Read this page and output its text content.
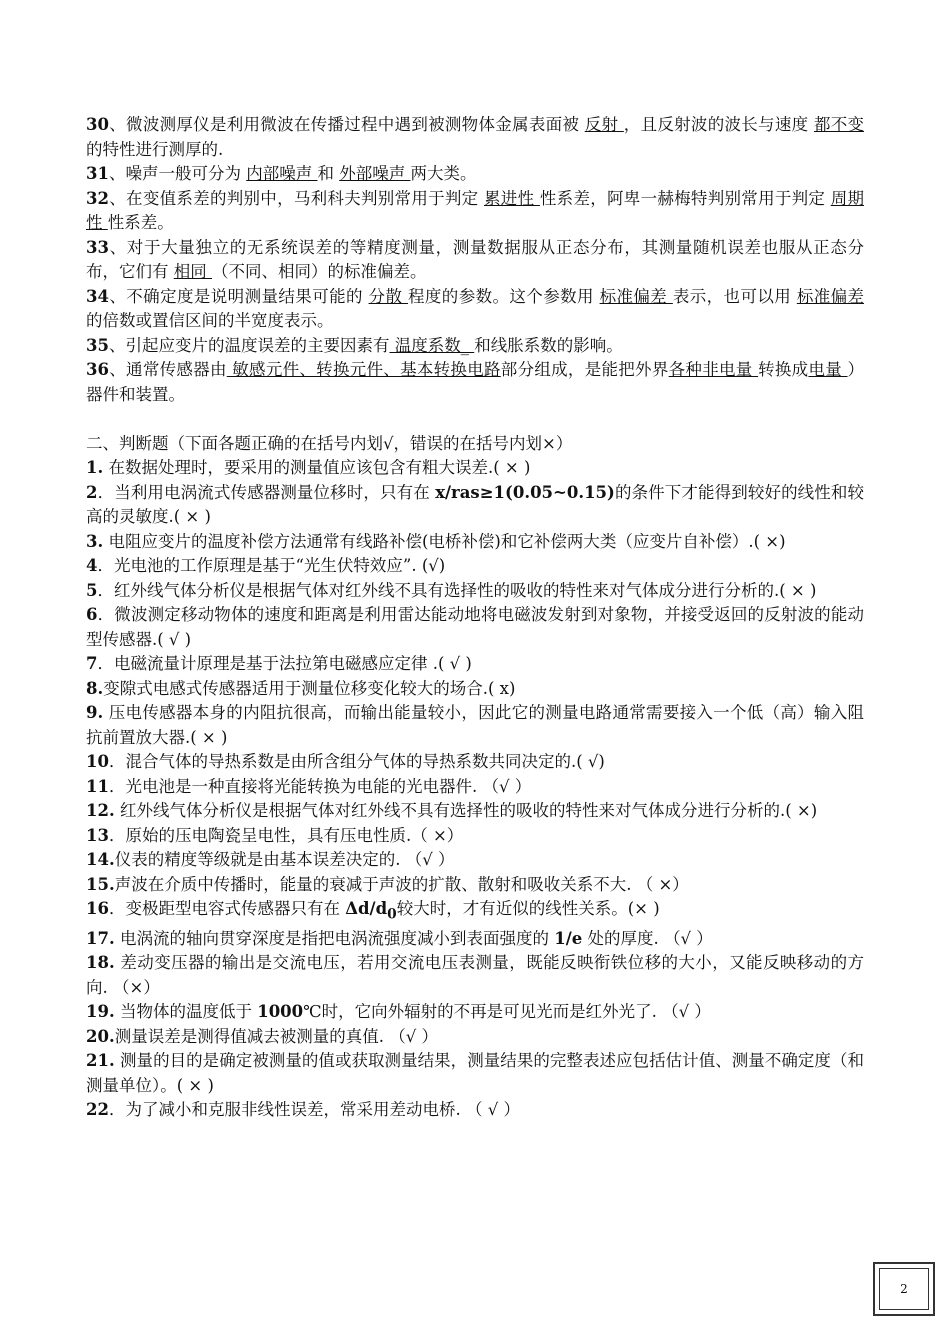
30、微波测厚仪是利用微波在传播过程中遇到被测物体金属表面被 反射 ，且反射波的波长与速度 都不变 的特性进行测厚的.

31、噪声一般可分为 内部噪声 和 外部噪声 两大类。

32、在变值系差的判别中，马利科夫判别常用于判定 累进性 性系差，阿卑一赫梅特判别常用于判定 周期性 性系差。

33、对于大量独立的无系统误差的等精度测量，测量数据服从正态分布，其测量随机误差也服从正态分布，它们有 相同 （不同、相同）的标准偏差。

34、不确定度是说明测量结果可能的 分散 程度的参数。这个参数用 标准偏差 表示，也可以用 标准偏差 的倍数或置信区间的半宽度表示。

35、引起应变片的温度误差的主要因素有 温度系数_ 和线胀系数的影响。

36、通常传感器由 敏感元件、转换元件、基本转换电路部分组成，是能把外界各种非电量 转换成电量 ）器件和装置。

二、判断题（下面各题正确的在括号内划√，错误的在括号内划×）

1. 在数据处理时，要采用的测量值应该包含有粗大误差.( × )

2．当利用电涡流式传感器测量位移时，只有在 x/ras≥1(0.05~0.15)的条件下才能得到较好的线性和较高的灵敏度.( × )

3. 电阻应变片的温度补偿方法通常有线路补偿(电桥补偿)和它补偿两大类（应变片自补偿）.( ×)

4．光电池的工作原理是基于“光生伏特效应”. (√)

5．红外线气体分析仪是根据气体对红外线不具有选择性的吸收的特性来对气体成分进行分析的.( × )

6．微波测定移动物体的速度和距离是利用雷达能动地将电磁波发射到对象物，并接受返回的反射波的能动型传感器.( √ )

7．电磁流量计原理是基于法拉第电磁感应定律 .( √ )

8.变隙式电感式传感器适用于测量位移变化较大的场合.( x)

9. 压电传感器本身的内阻抗很高，而输出能量较小，因此它的测量电路通常需要接入一个低（高）输入阻抗前置放大器.( × )

10．混合气体的导热系数是由所含组分气体的导热系数共同决定的.( √)

11．光电池是一种直接将光能转换为电能的光电器件. （√ ）

12. 红外线气体分析仪是根据气体对红外线不具有选择性的吸收的特性来对气体成分进行分析的.( ×)

13．原始的压电陶瓷呈电性，具有压电性质.（ ×）

14.仪表的精度等级就是由基本误差决定的. （√ ）

15.声波在介质中传播时，能量的衰减于声波的扩散、散射和吸收关系不大. （ ×）

16．变极距型电容式传感器只有在 $\Delta d/d_0$较大时，才有近似的线性关系。(× )

17. 电涡流的轴向贯穿深度是指把电涡流强度减小到表面强度的 1/e 处的厚度. （√ ）

18. 差动变压器的输出是交流电压，若用交流电压表测量，既能反映衔铁位移的大小，又能反映移动的方向. （×）

19. 当物体的温度低于 1000℃时，它向外辐射的不再是可见光而是红外光了. （√ ）

20.测量误差是测得值减去被测量的真值. （√ ）

21. 测量的目的是确定被测量的值或获取测量结果，测量结果的完整表述应包括估计值、测量不确定度（和测量单位）。( × )

22．为了减小和克服非线性误差，常采用差动电桥. （ √ ）

2
